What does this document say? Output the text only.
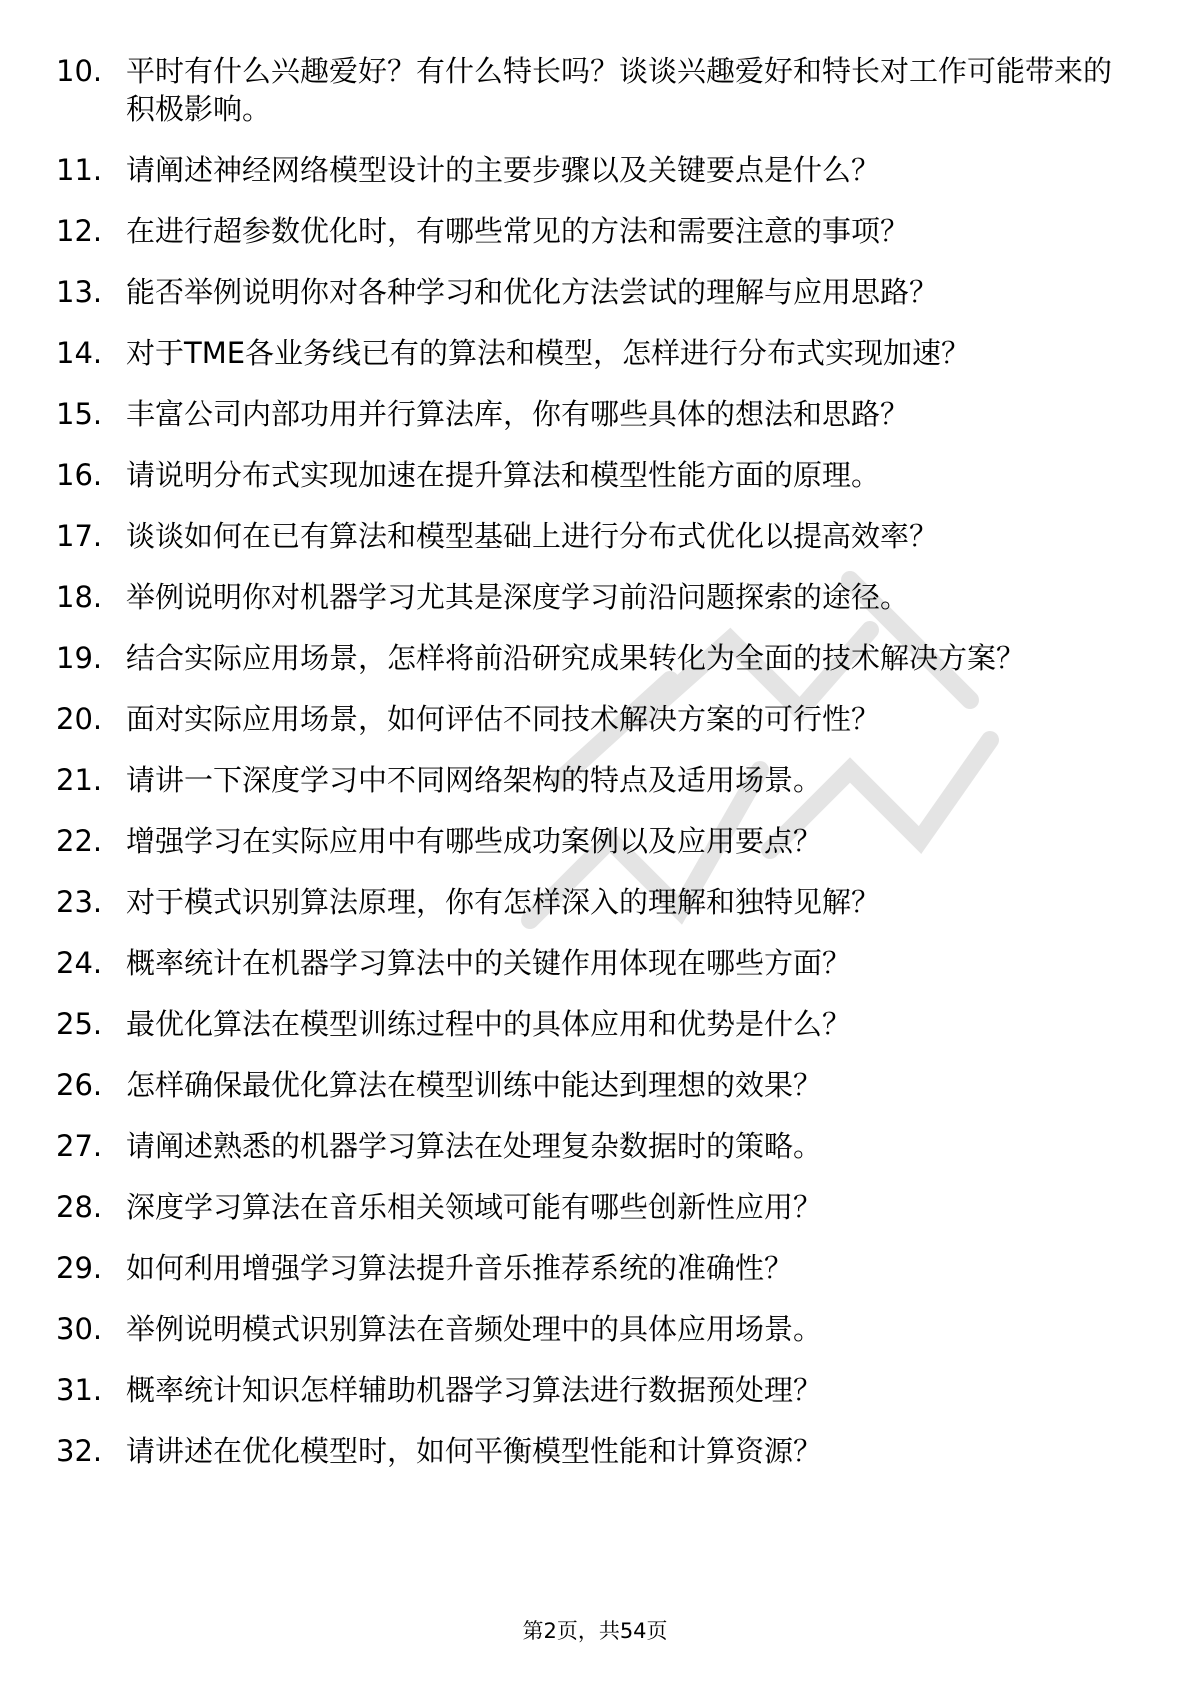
10. 平时有什么兴趣爱好？有什么特长吗？谈谈兴趣爱好和特长对工作可能带来的积极影响。
11. 请阐述神经网络模型设计的主要步骤以及关键要点是什么？
12. 在进行超参数优化时，有哪些常见的方法和需要注意的事项？
13. 能否举例说明你对各种学习和优化方法尝试的理解与应用思路？
14. 对于TME各业务线已有的算法和模型，怎样进行分布式实现加速？
15. 丰富公司内部功用并行算法库，你有哪些具体的想法和思路？
16. 请说明分布式实现加速在提升算法和模型性能方面的原理。
17. 谈谈如何在已有算法和模型基础上进行分布式优化以提高效率？
18. 举例说明你对机器学习尤其是深度学习前沿问题探索的途径。
19. 结合实际应用场景，怎样将前沿研究成果转化为全面的技术解决方案？
20. 面对实际应用场景，如何评估不同技术解决方案的可行性？
21. 请讲一下深度学习中不同网络架构的特点及适用场景。
22. 增强学习在实际应用中有哪些成功案例以及应用要点？
23. 对于模式识别算法原理，你有怎样深入的理解和独特见解？
24. 概率统计在机器学习算法中的关键作用体现在哪些方面？
25. 最优化算法在模型训练过程中的具体应用和优势是什么？
26. 怎样确保最优化算法在模型训练中能达到理想的效果？
27. 请阐述熟悉的机器学习算法在处理复杂数据时的策略。
28. 深度学习算法在音乐相关领域可能有哪些创新性应用？
29. 如何利用增强学习算法提升音乐推荐系统的准确性？
30. 举例说明模式识别算法在音频处理中的具体应用场景。
31. 概率统计知识怎样辅助机器学习算法进行数据预处理？
32. 请讲述在优化模型时，如何平衡模型性能和计算资源？
第2页，共54页
